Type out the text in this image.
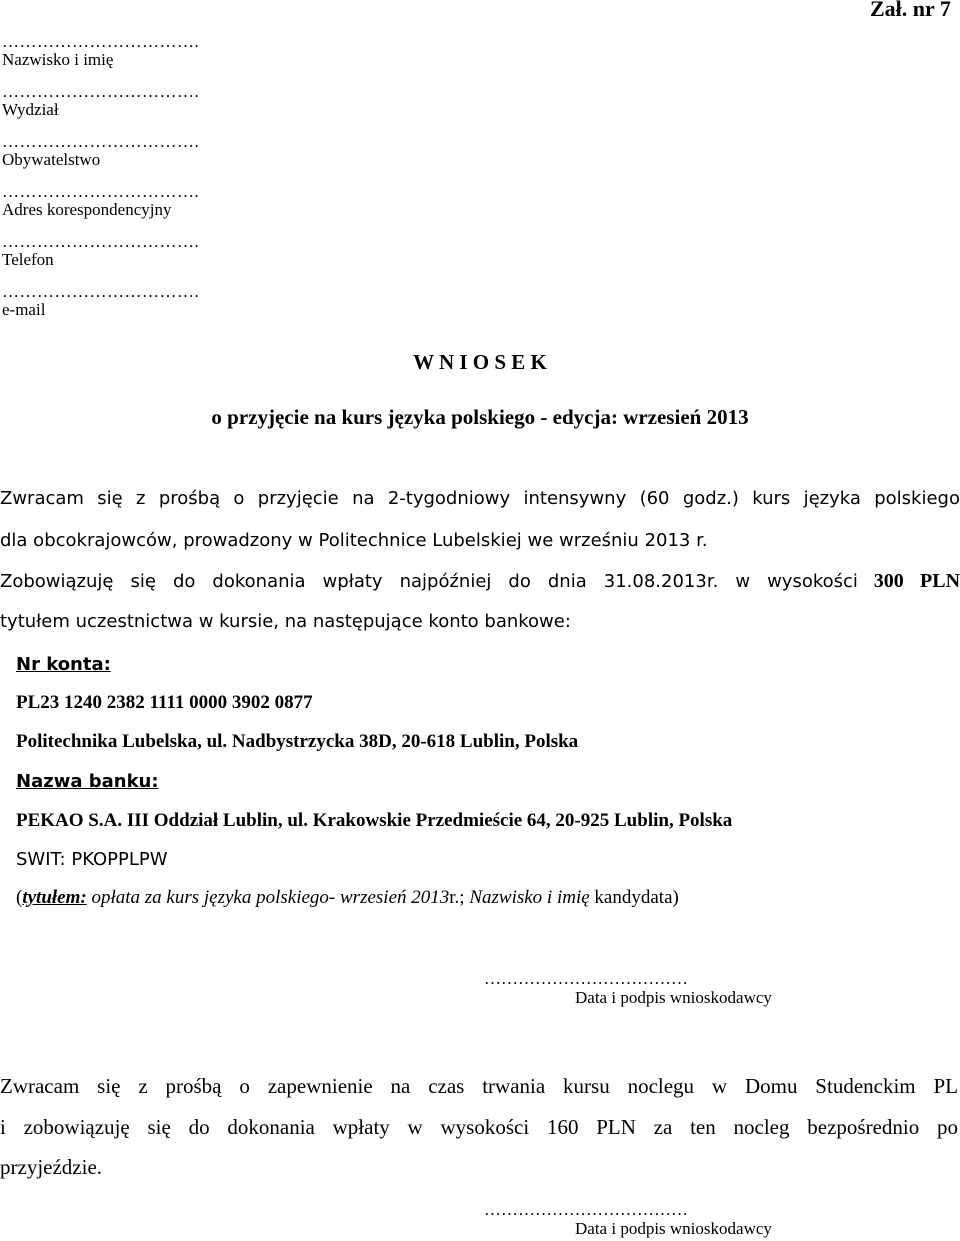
Zał. nr 7
…………………………….
Nazwisko i imię
…………………………….
Wydział
…………………………….
Obywatelstwo
…………………………….
Adres korespondencyjny
…………………………….
Telefon
…………………………….
e-mail
W N I O S E K
o przyjęcie na kurs języka polskiego - edycja: wrzesień 2013
Zwracam się z prośbą o przyjęcie na 2-tygodniowy intensywny (60 godz.) kurs języka polskiego
dla obcokrajowców, prowadzony w Politechnice Lubelskiej we wrześniu 2013 r.
Zobowiązuję się do dokonania wpłaty najpóźniej do dnia 31.08.2013r. w wysokości 300 PLN
tytułem uczestnictwa w kursie, na następujące konto bankowe:
Nr konta:
PL23 1240 2382 1111 0000 3902 0877
Politechnika Lubelska, ul. Nadbystrzycka 38D, 20-618 Lublin, Polska
Nazwa banku:
PEKAO S.A. III Oddział Lublin, ul. Krakowskie Przedmieście 64, 20-925 Lublin, Polska
SWIT: PKOPPLPW
(tytułem: opłata za kurs języka polskiego- wrzesień 2013r.; Nazwisko i imię kandydata)
………………………………
Data i podpis wnioskodawcy
Zwracam się z prośbą o zapewnienie na czas trwania kursu noclegu w Domu Studenckim PL
i zobowiązuję się do dokonania wpłaty w wysokości 160 PLN za ten nocleg bezpośrednio po
przyjeździe.
………………………………
Data i podpis wnioskodawcy
